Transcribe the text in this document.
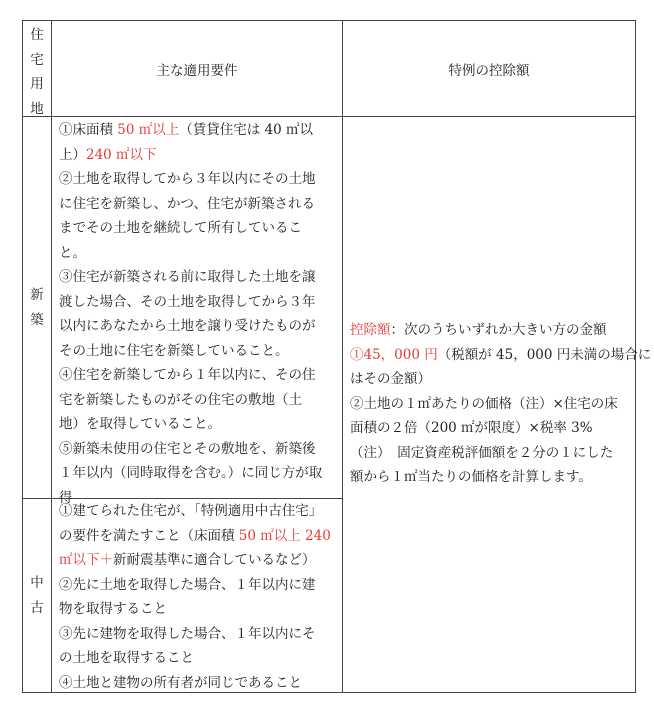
住
宅
用
地
主な適用要件	特例の控除額
新
築
①床面積 50 ㎡以上（賃貸住宅は 40 ㎡以
上）240 ㎡以下
②土地を取得してから３年以内にその土地
に住宅を新築し、かつ、住宅が新築される
までその土地を継続して所有しているこ
と。
③住宅が新築される前に取得した土地を譲
渡した場合、その土地を取得してから３年
以内にあなたから土地を譲り受けたものが
その土地に住宅を新築していること。
④住宅を新築してから１年以内に、その住
宅を新築したものがその住宅の敷地（土
地）を取得していること。
⑤新築未使用の住宅とその敷地を、新築後
１年以内（同時取得を含む。）に同じ方が取
得
中
古
①建てられた住宅が、「特例適用中古住宅」
の要件を満たすこと（床面積 50 ㎡以上 240
㎡以下＋新耐震基準に適合しているなど）
②先に土地を取得した場合、１年以内に建
物を取得すること
③先に建物を取得した場合、１年以内にそ
の土地を取得すること
④土地と建物の所有者が同じであること
控除額：次のうちいずれか大きい方の金額
①45，000 円（税額が 45，000 円未満の場合に
はその金額）
②土地の１㎡あたりの価格（注）×住宅の床
面積の２倍（200 ㎡が限度）×税率 3%
（注）　固定資産税評価額を２分の１にした
額から１㎡当たりの価格を計算します。
